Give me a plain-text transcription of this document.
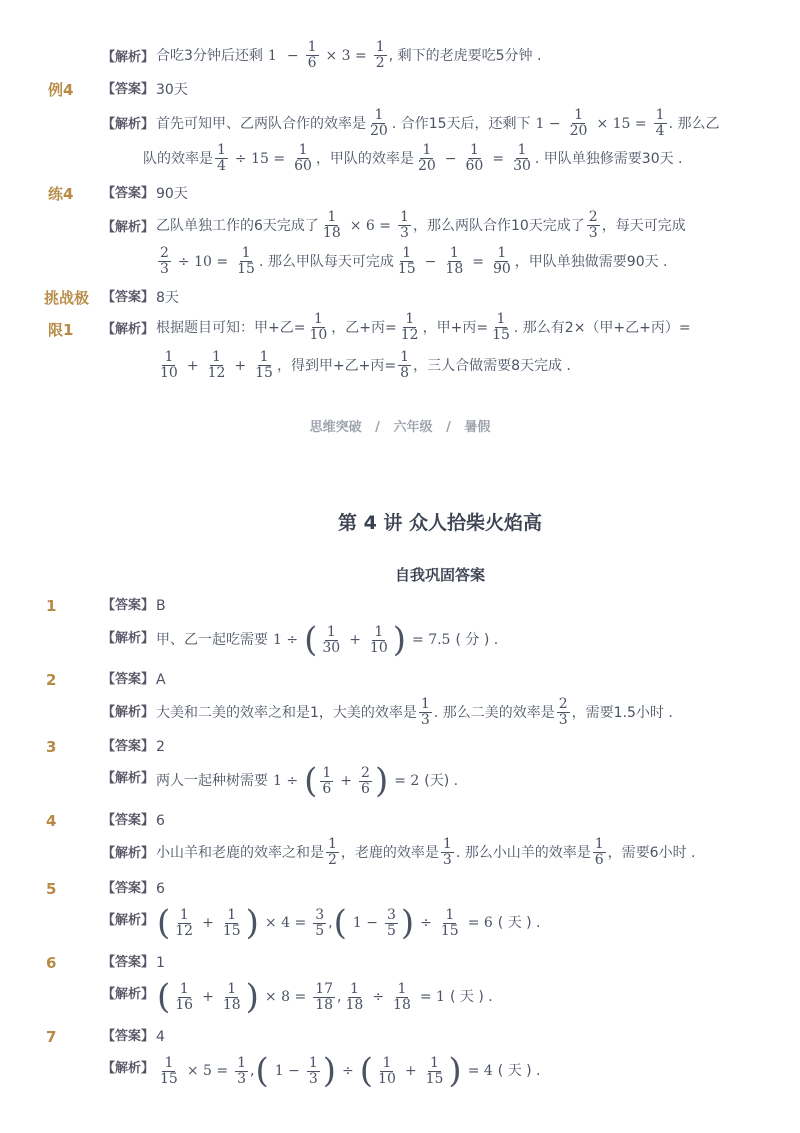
【解析】 合吃3分钟后还剩 $1 - \frac{1}{6} \times 3 = \frac{1}{2}$ , 剩下的老虎要吃5分钟 .
例4 【答案】 30天
【解析】 首先可知甲、乙两队合作的效率是 $\frac{1}{20}$ . 合作15天后，还剩下 $1 - \frac{1}{20} \times 15 = \frac{1}{4}$ . 那么乙
队的效率是 $\frac{1}{4} \div 15 = \frac{1}{60}$ ，甲队的效率是 $\frac{1}{20} - \frac{1}{60} = \frac{1}{30}$ . 甲队单独修需要30天 .
练4 【答案】 90天
【解析】 乙队单独工作的6天完成了 $\frac{1}{18} \times 6 = \frac{1}{3}$ ，那么两队合作10天完成了 $\frac{2}{3}$ ，每天可完成
$\frac{2}{3} \div 10 = \frac{1}{15}$ . 那么甲队每天可完成 $\frac{1}{15} - \frac{1}{18} = \frac{1}{90}$ ，甲队单独做需要90天 .
挑战极 【答案】 8天
限1 【解析】 根据题目可知：甲+乙= $\frac{1}{10}$ ，乙+丙= $\frac{1}{12}$ ，甲+丙= $\frac{1}{15}$ . 那么有2×（甲+乙+丙）=
$\frac{1}{10} + \frac{1}{12} + \frac{1}{15}$ ，得到甲+乙+丙= $\frac{1}{8}$ ，三人合做需要8天完成 .
思维突破 / 六年级 / 暑假
第 4 讲 众人拾柴火焰高
自我巩固答案
1	【答案】 B
【解析】 甲、乙一起吃需要 1 ÷ ( $\frac{1}{30} + \frac{1}{10}$ ) = 7.5 ( 分 ) .
2	【答案】 A
【解析】 大美和二美的效率之和是1，大美的效率是 $\frac{1}{3}$ . 那么二美的效率是 $\frac{2}{3}$ ，需要1.5小时 .
3	【答案】 2
【解析】 两人一起种树需要 1 ÷ ( $\frac{1}{6} + \frac{2}{6}$ ) = 2 (天) .
4	【答案】 6
【解析】 小山羊和老鹿的效率之和是 $\frac{1}{2}$ ，老鹿的效率是 $\frac{1}{3}$ . 那么小山羊的效率是 $\frac{1}{6}$ ，需要6小时 .
5	【答案】 6
【解析】 ( $\frac{1}{12} + \frac{1}{15}$ ) × $4 = \frac{3}{5}$ , ( $1 - \frac{3}{5}$ ) ÷ $\frac{1}{15} = 6$ ( 天 ) .
6	【答案】 1
【解析】 ( $\frac{1}{16} + \frac{1}{18}$ ) × $8 = \frac{17}{18}$ , $\frac{1}{18} \div \frac{1}{18} = 1$ ( 天 ) .
7	【答案】 4
【解析】 $\frac{1}{15} \times 5 = \frac{1}{3}$ , ( $1 - \frac{1}{3}$ ) ÷ ( $\frac{1}{10} + \frac{1}{15}$ ) = 4 ( 天 ) .
